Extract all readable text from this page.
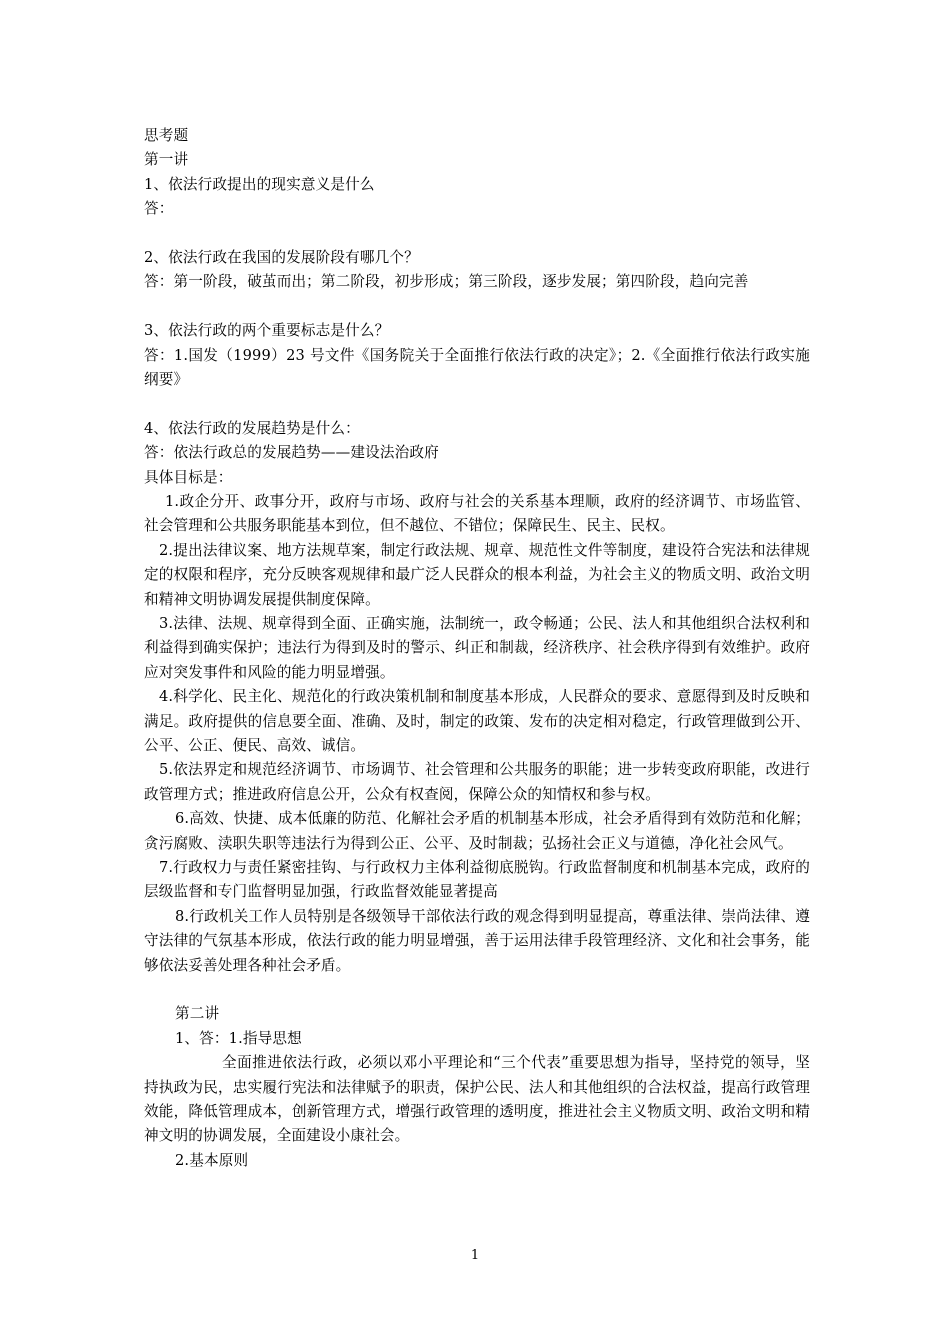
思考题
第一讲
1、依法行政提出的现实意义是什么
答：
2、依法行政在我国的发展阶段有哪几个？
答：第一阶段，破茧而出；第二阶段，初步形成；第三阶段，逐步发展；第四阶段，趋向完善
3、依法行政的两个重要标志是什么？
答：1.国发（1999）23 号文件《国务院关于全面推行依法行政的决定》；2.《全面推行依法行政实施纲要》
4、依法行政的发展趋势是什么：
答：依法行政总的发展趋势——建设法治政府
具体目标是：
1.政企分开、政事分开，政府与市场、政府与社会的关系基本理顺，政府的经济调节、市场监管、社会管理和公共服务职能基本到位，但不越位、不错位；保障民生、民主、民权。
2.提出法律议案、地方法规草案，制定行政法规、规章、规范性文件等制度，建设符合宪法和法律规定的权限和程序，充分反映客观规律和最广泛人民群众的根本利益，为社会主义的物质文明、政治文明和精神文明协调发展提供制度保障。
3.法律、法规、规章得到全面、正确实施，法制统一，政令畅通；公民、法人和其他组织合法权利和利益得到确实保护；违法行为得到及时的警示、纠正和制裁，经济秩序、社会秩序得到有效维护。政府应对突发事件和风险的能力明显增强。
4.科学化、民主化、规范化的行政决策机制和制度基本形成，人民群众的要求、意愿得到及时反映和满足。政府提供的信息要全面、准确、及时，制定的政策、发布的决定相对稳定，行政管理做到公开、公平、公正、便民、高效、诚信。
5.依法界定和规范经济调节、市场调节、社会管理和公共服务的职能；进一步转变政府职能，改进行政管理方式；推进政府信息公开，公众有权查阅，保障公众的知情权和参与权。
6.高效、快捷、成本低廉的防范、化解社会矛盾的机制基本形成，社会矛盾得到有效防范和化解；贪污腐败、渎职失职等违法行为得到公正、公平、及时制裁；弘扬社会正义与道德，净化社会风气。
7.行政权力与责任紧密挂钩、与行政权力主体利益彻底脱钩。行政监督制度和机制基本完成，政府的层级监督和专门监督明显加强，行政监督效能显著提高
8.行政机关工作人员特别是各级领导干部依法行政的观念得到明显提高，尊重法律、崇尚法律、遵守法律的气氛基本形成，依法行政的能力明显增强，善于运用法律手段管理经济、文化和社会事务，能够依法妥善处理各种社会矛盾。
第二讲
1、答：1.指导思想
全面推进依法行政，必须以邓小平理论和“三个代表”重要思想为指导，坚持党的领导，坚持执政为民，忠实履行宪法和法律赋予的职责，保护公民、法人和其他组织的合法权益，提高行政管理效能，降低管理成本，创新管理方式，增强行政管理的透明度，推进社会主义物质文明、政治文明和精神文明的协调发展，全面建设小康社会。
2.基本原则
1
